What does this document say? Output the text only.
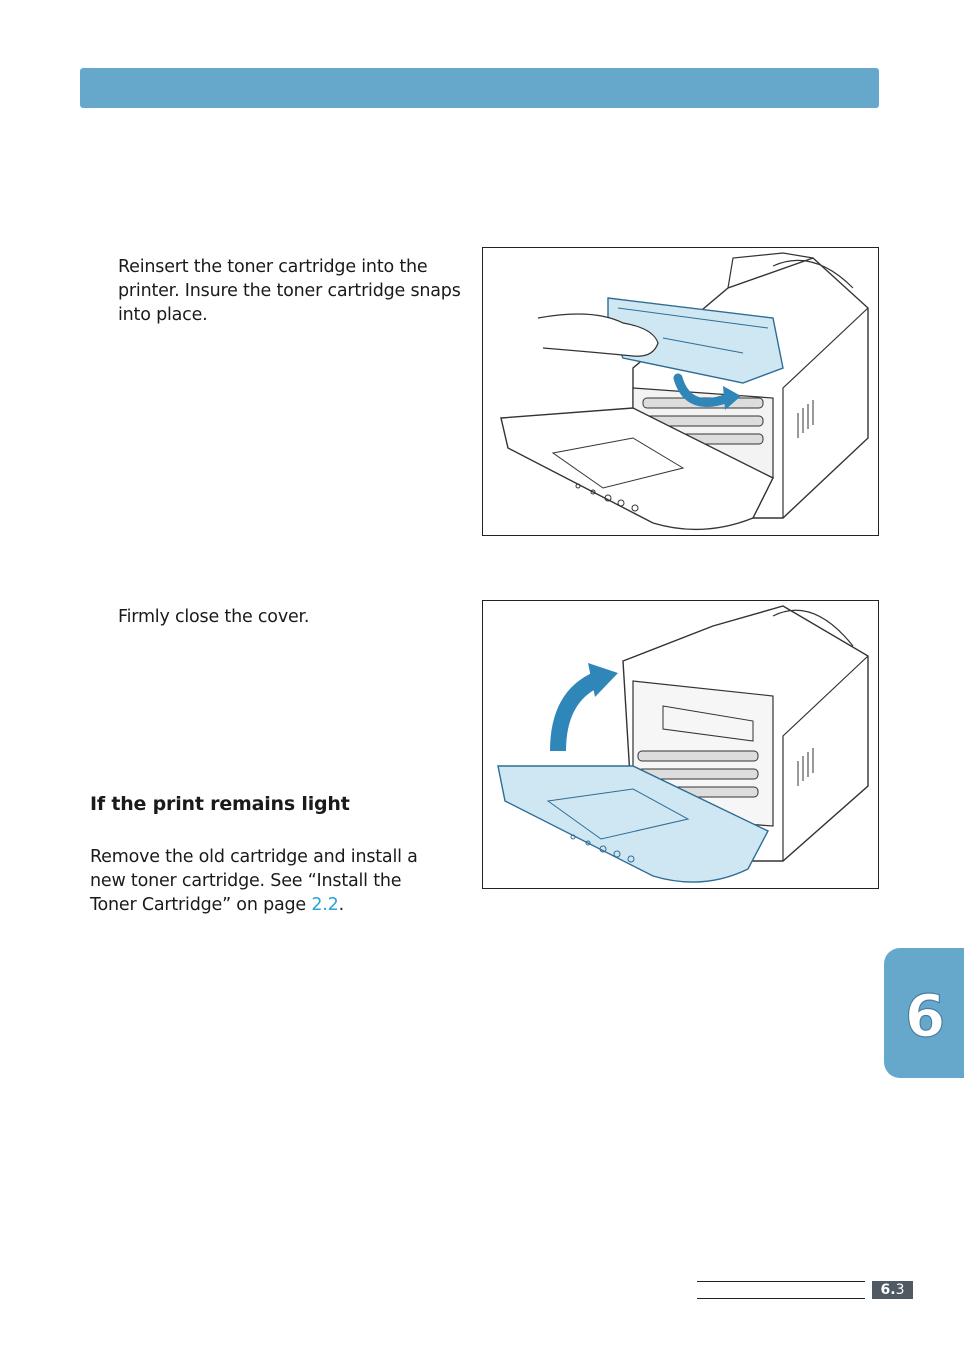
Reinsert the toner cartridge into the printer. Insure the toner cartridge snaps into place.
Firmly close the cover.
If the print remains light
Remove the old cartridge and install a new toner cartridge. See “Install the Toner Cartridge” on page 2.2.
6
6.3
